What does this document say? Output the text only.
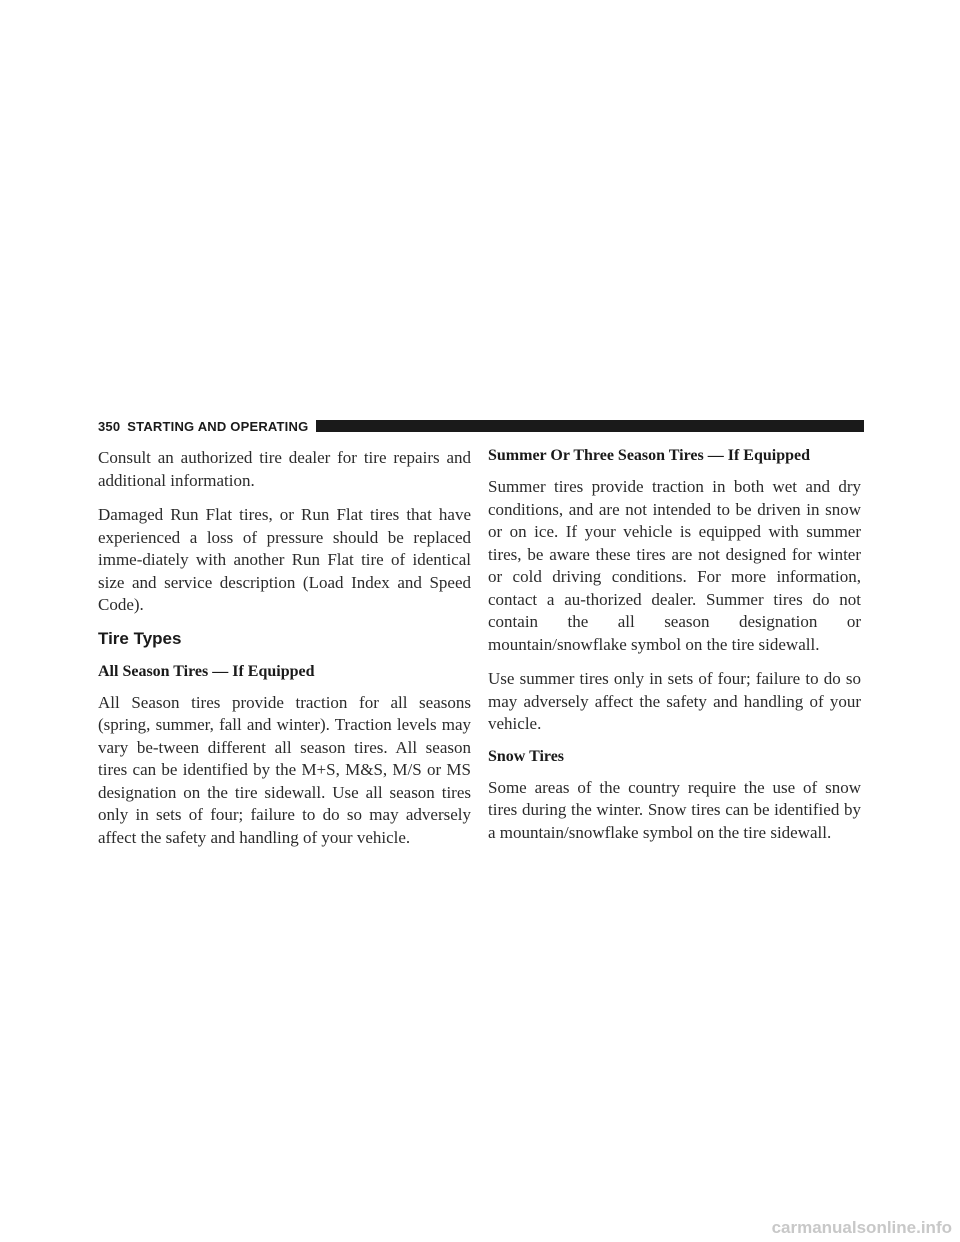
350 STARTING AND OPERATING

Consult an authorized tire dealer for tire repairs and additional information.

Damaged Run Flat tires, or Run Flat tires that have experienced a loss of pressure should be replaced imme-diately with another Run Flat tire of identical size and service description (Load Index and Speed Code).

Tire Types
All Season Tires — If Equipped

All Season tires provide traction for all seasons (spring, summer, fall and winter). Traction levels may vary be-tween different all season tires. All season tires can be identified by the M+S, M&S, M/S or MS designation on the tire sidewall. Use all season tires only in sets of four; failure to do so may adversely affect the safety and handling of your vehicle.

Summer Or Three Season Tires — If Equipped

Summer tires provide traction in both wet and dry conditions, and are not intended to be driven in snow or on ice. If your vehicle is equipped with summer tires, be aware these tires are not designed for winter or cold driving conditions. For more information, contact a au-thorized dealer. Summer tires do not contain the all season designation or mountain/snowflake symbol on the tire sidewall.

Use summer tires only in sets of four; failure to do so may adversely affect the safety and handling of your vehicle.

Snow Tires

Some areas of the country require the use of snow tires during the winter. Snow tires can be identified by a mountain/snowflake symbol on the tire sidewall.

carmanualsonline.info
